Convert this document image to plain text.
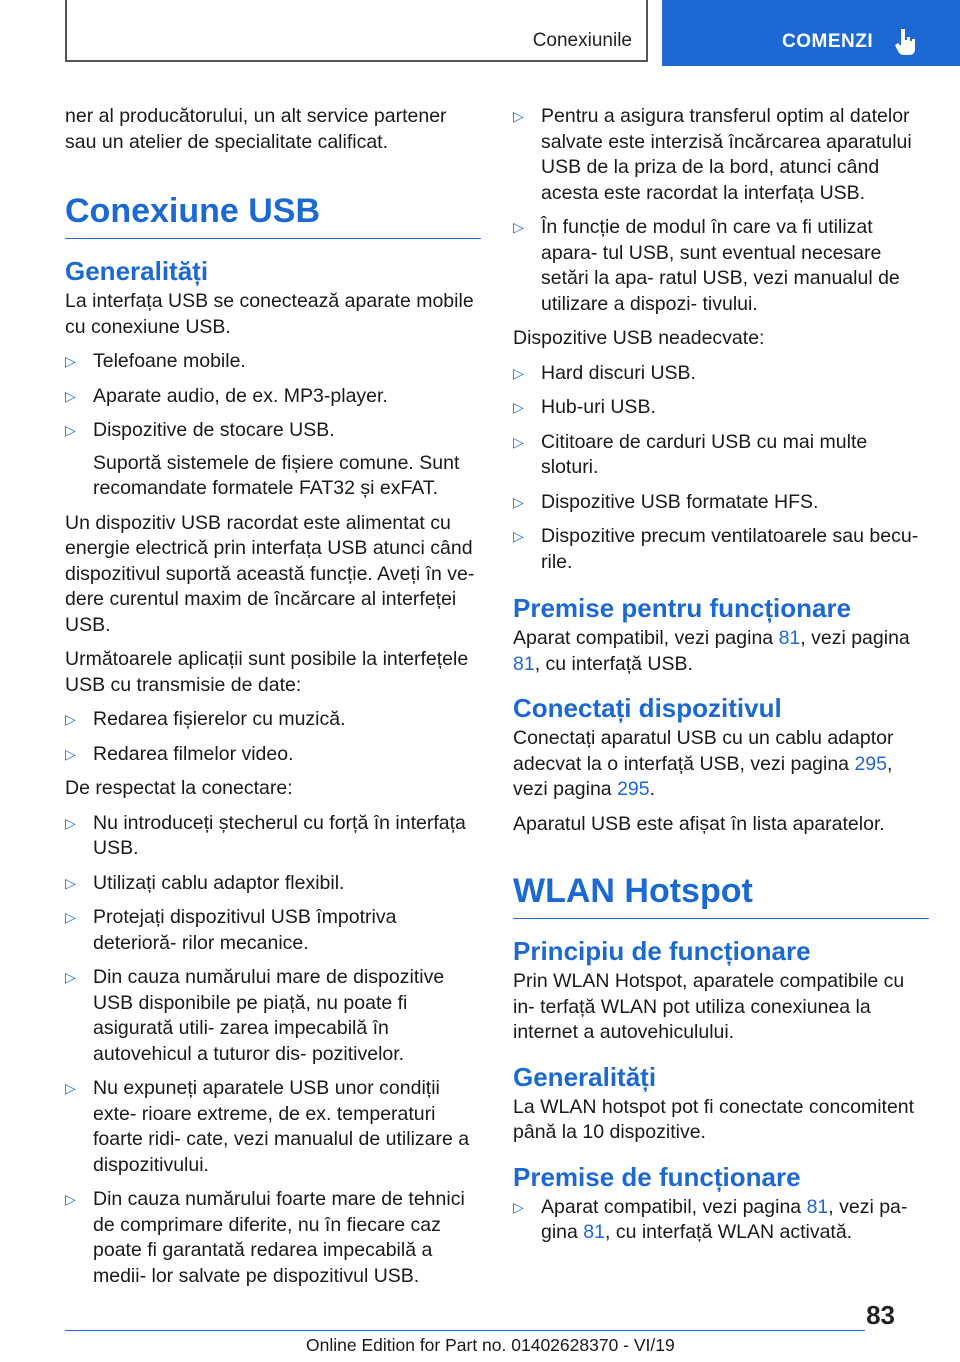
Conexiunile	COMENZI

ner al producătorului, un alt service partener sau un atelier de specialitate calificat.

Conexiune USB
Generalități

La interfața USB se conectează aparate mobile cu conexiune USB.

▷ Telefoane mobile.
▷ Aparate audio, de ex. MP3-player.
▷ Dispozitive de stocare USB.
Suportă sistemele de fișiere comune. Sunt recomandate formatele FAT32 și exFAT.

Un dispozitiv USB racordat este alimentat cu energie electrică prin interfața USB atunci când dispozitivul suportă această funcție. Aveți în ve- dere curentul maxim de încărcare al interfeței USB.

Următoarele aplicații sunt posibile la interfețele USB cu transmisie de date:

▷ Redarea fișierelor cu muzică.
▷ Redarea filmelor video.

De respectat la conectare:

▷ Nu introduceți ștecherul cu forță în interfața USB.
▷ Utilizați cablu adaptor flexibil.
▷ Protejați dispozitivul USB împotriva deterioră- rilor mecanice.
▷ Din cauza numărului mare de dispozitive USB disponibile pe piață, nu poate fi asigurată utili- zarea impecabilă în autovehicul a tuturor dis- pozitivelor.
▷ Nu expuneți aparatele USB unor condiții exte- rioare extreme, de ex. temperaturi foarte ridi- cate, vezi manualul de utilizare a dispozitivului.
▷ Din cauza numărului foarte mare de tehnici de comprimare diferite, nu în fiecare caz poate fi garantată redarea impecabilă a medii- lor salvate pe dispozitivul USB.
▷ Pentru a asigura transferul optim al datelor salvate este interzisă încărcarea aparatului USB de la priza de la bord, atunci când acesta este racordat la interfața USB.
▷ În funcție de modul în care va fi utilizat apara- tul USB, sunt eventual necesare setări la apa- ratul USB, vezi manualul de utilizare a dispozi- tivului.

Dispozitive USB neadecvate:

▷ Hard discuri USB.
▷ Hub-uri USB.
▷ Cititoare de carduri USB cu mai multe sloturi.
▷ Dispozitive USB formatate HFS.
▷ Dispozitive precum ventilatoarele sau becu- rile.
Premise pentru funcționare

Aparat compatibil, vezi pagina 81, vezi pagina 81, cu interfață USB.

Conectați dispozitivul

Conectați aparatul USB cu un cablu adaptor adecvat la o interfață USB, vezi pagina 295, vezi pagina 295.

Aparatul USB este afișat în lista aparatelor.

WLAN Hotspot
Principiu de funcționare

Prin WLAN Hotspot, aparatele compatibile cu in- terfață WLAN pot utiliza conexiunea la internet a autovehiculului.

Generalități

La WLAN hotspot pot fi conectate concomitent până la 10 dispozitive.

Premise de funcționare
▷ Aparat compatibil, vezi pagina 81, vezi pa- gina 81, cu interfață WLAN activată.
83
Online Edition for Part no. 01402628370 - VI/19
